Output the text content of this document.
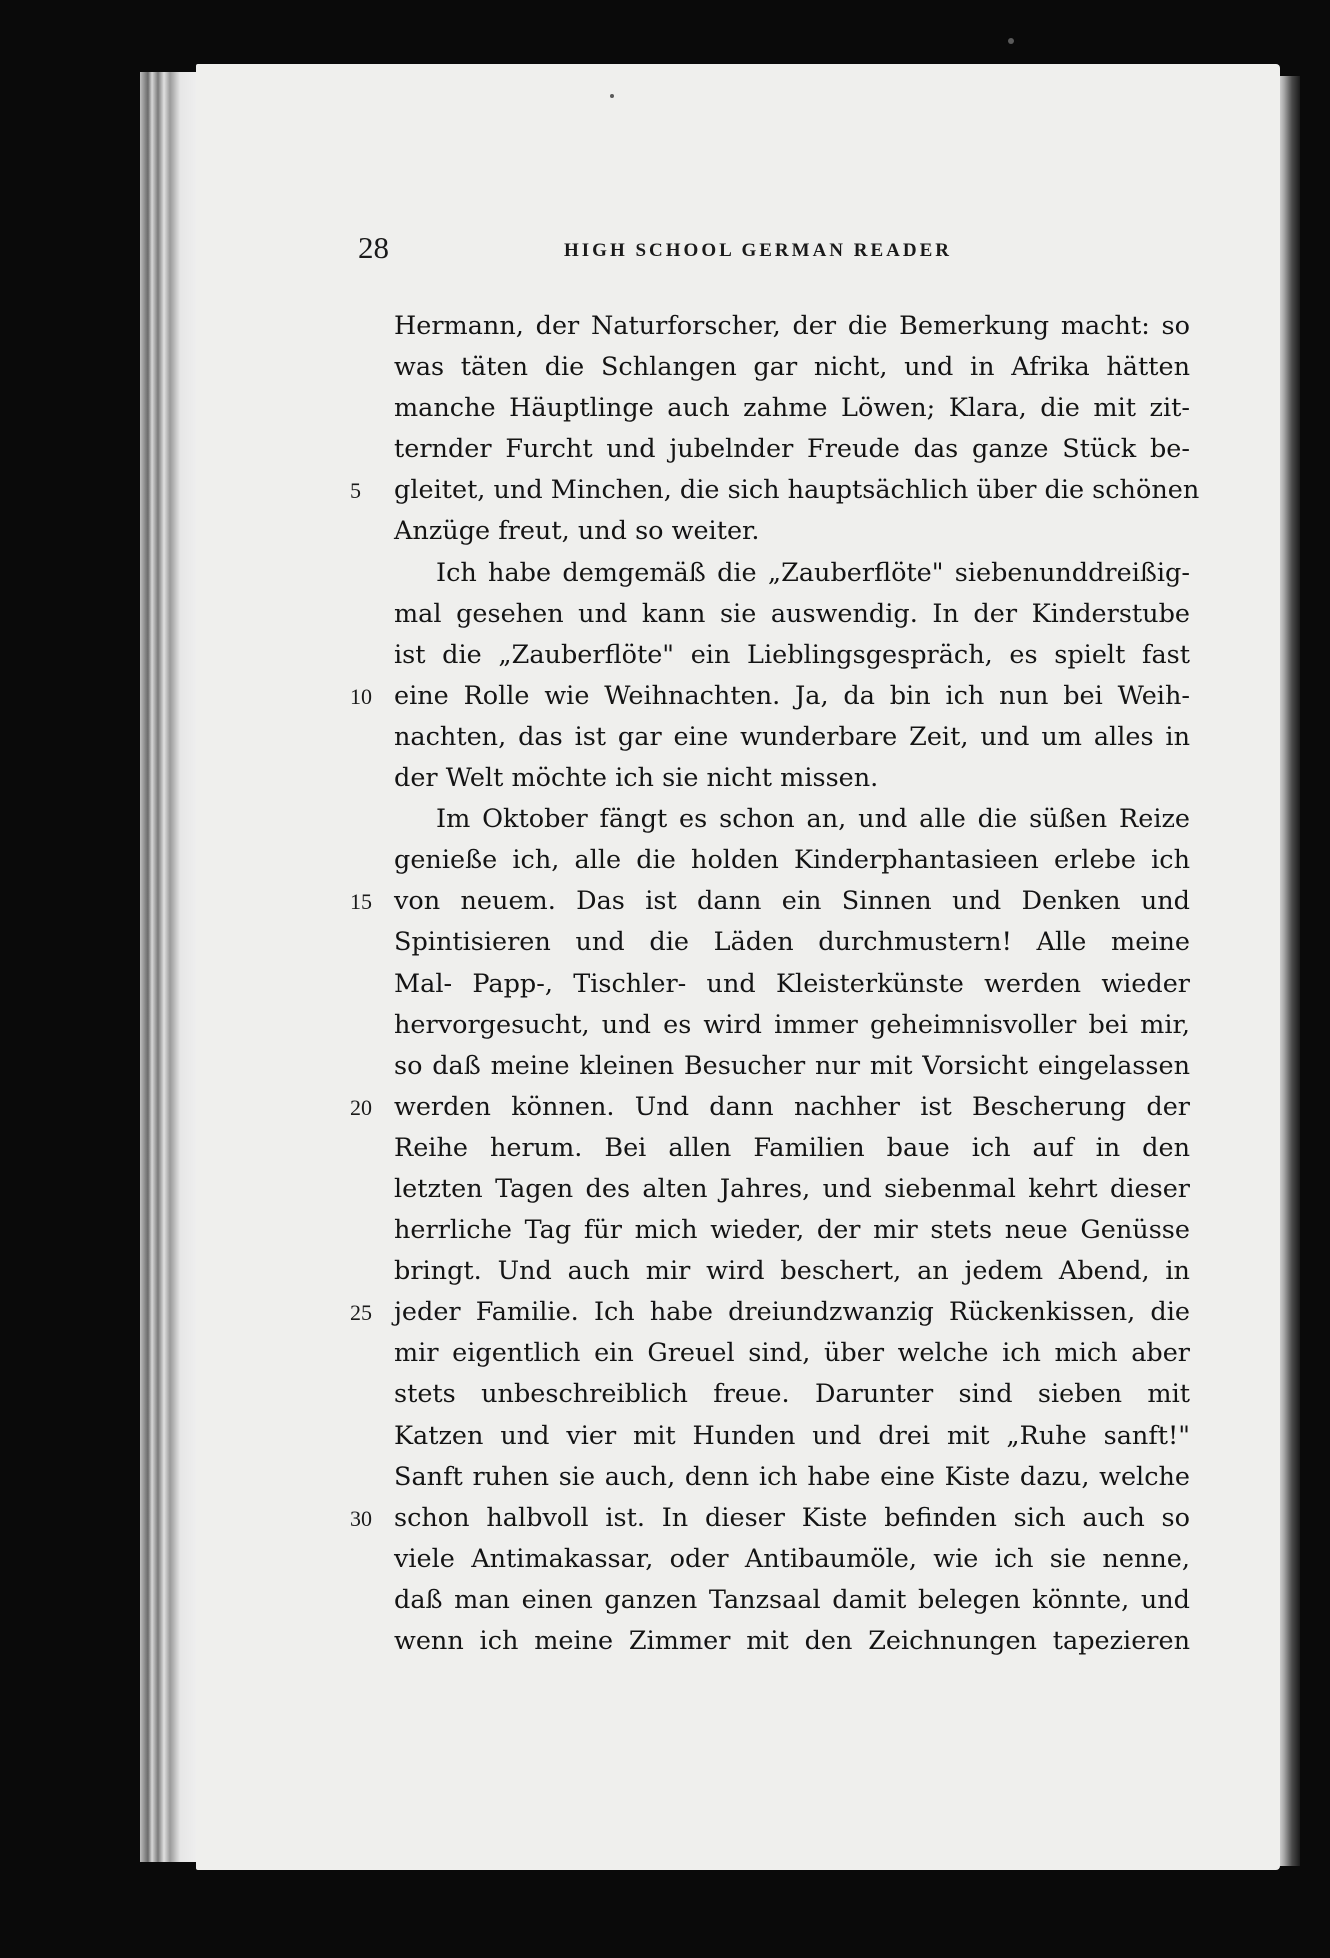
28	HIGH SCHOOL GERMAN READER
Hermann, der Naturforscher, der die Bemerkung macht: so
was täten die Schlangen gar nicht, und in Afrika hätten
manche Häuptlinge auch zahme Löwen; Klara, die mit zit-
ternder Furcht und jubelnder Freude das ganze Stück be-
5	gleitet, und Minchen, die sich hauptsächlich über die schönen
Anzüge freut, und so weiter.
Ich habe demgemäß die „Zauberflöte" siebenunddreißig-
mal gesehen und kann sie auswendig. In der Kinderstube
ist die „Zauberflöte" ein Lieblingsgespräch, es spielt fast
10 eine Rolle wie Weihnachten. Ja, da bin ich nun bei Weih-
nachten, das ist gar eine wunderbare Zeit, und um alles in
der Welt möchte ich sie nicht missen.
Im Oktober fängt es schon an, und alle die süßen Reize
genieße ich, alle die holden Kinderphantasieen erlebe ich
15 von neuem. Das ist dann ein Sinnen und Denken und
Spintisieren und die Läden durchmustern! Alle meine
Mal- Papp-, Tischler- und Kleisterkünste werden wieder
hervorgesucht, und es wird immer geheimnisvoller bei mir,
so daß meine kleinen Besucher nur mit Vorsicht eingelassen
20 werden können. Und dann nachher ist Bescherung der
Reihe herum. Bei allen Familien baue ich auf in den
letzten Tagen des alten Jahres, und siebenmal kehrt dieser
herrliche Tag für mich wieder, der mir stets neue Genüsse
bringt. Und auch mir wird beschert, an jedem Abend, in
25 jeder Familie. Ich habe dreiundzwanzig Rückenkissen, die
mir eigentlich ein Greuel sind, über welche ich mich aber
stets unbeschreiblich freue. Darunter sind sieben mit
Katzen und vier mit Hunden und drei mit „Ruhe sanft!"
Sanft ruhen sie auch, denn ich habe eine Kiste dazu, welche
30 schon halbvoll ist. In dieser Kiste befinden sich auch so
viele Antimakassar, oder Antibaumöle, wie ich sie nenne,
daß man einen ganzen Tanzsaal damit belegen könnte, und
wenn ich meine Zimmer mit den Zeichnungen tapezieren
